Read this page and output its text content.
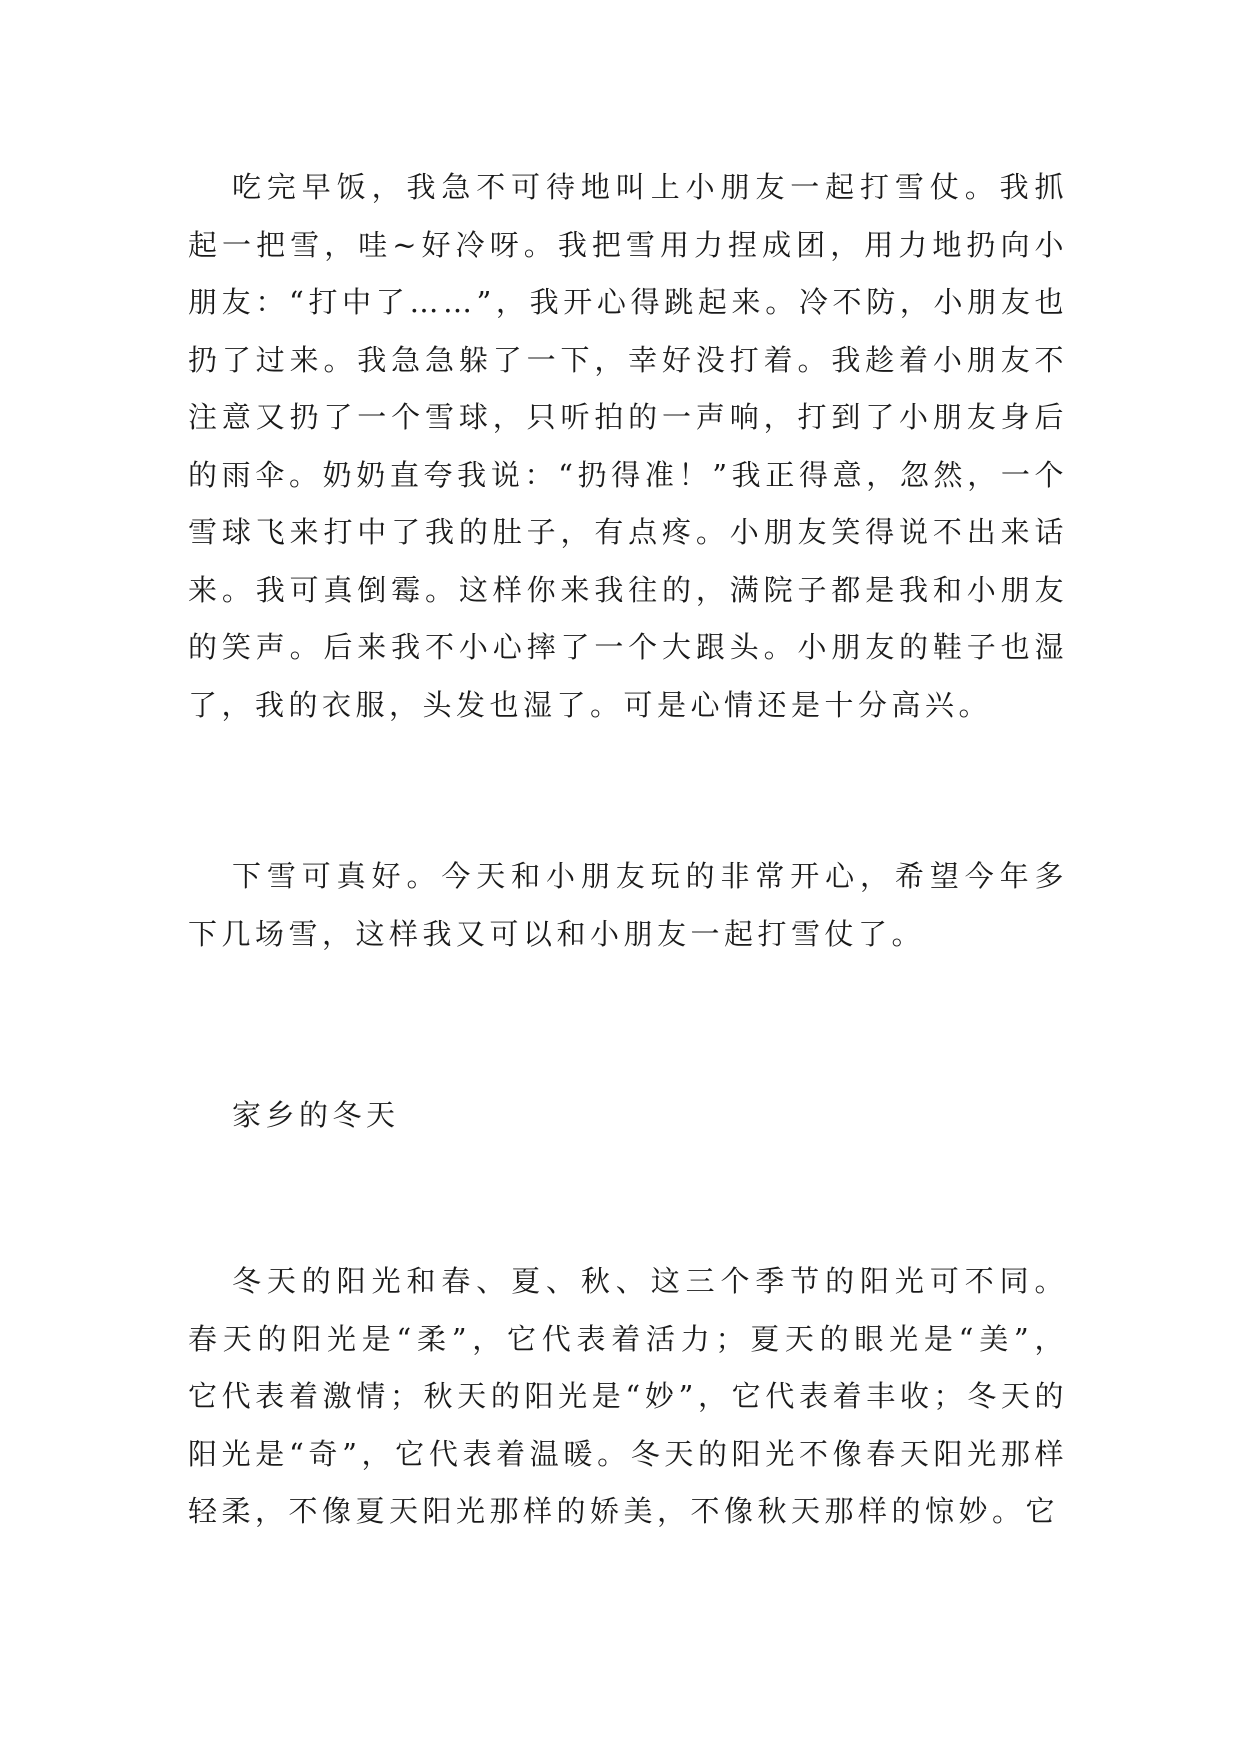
吃完早饭，我急不可待地叫上小朋友一起打雪仗。我抓起一把雪，哇~好冷呀。我把雪用力捏成团，用力地扔向小朋友：“打中了……”，我开心得跳起来。冷不防，小朋友也扔了过来。我急急躲了一下，幸好没打着。我趁着小朋友不注意又扔了一个雪球，只听拍的一声响，打到了小朋友身后的雨伞。奶奶直夸我说：“扔得准！”我正得意，忽然，一个雪球飞来打中了我的肚子，有点疼。小朋友笑得说不出来话来。我可真倒霉。这样你来我往的，满院子都是我和小朋友的笑声。后来我不小心摔了一个大跟头。小朋友的鞋子也湿了，我的衣服，头发也湿了。可是心情还是十分高兴。

下雪可真好。今天和小朋友玩的非常开心，希望今年多下几场雪，这样我又可以和小朋友一起打雪仗了。

家乡的冬天

冬天的阳光和春、夏、秋、这三个季节的阳光可不同。春天的阳光是“柔”，它代表着活力；夏天的眼光是“美”，它代表着激情；秋天的阳光是“妙”，它代表着丰收；冬天的阳光是“奇”，它代表着温暖。冬天的阳光不像春天阳光那样轻柔，不像夏天阳光那样的娇美，不像秋天那样的惊妙。它
